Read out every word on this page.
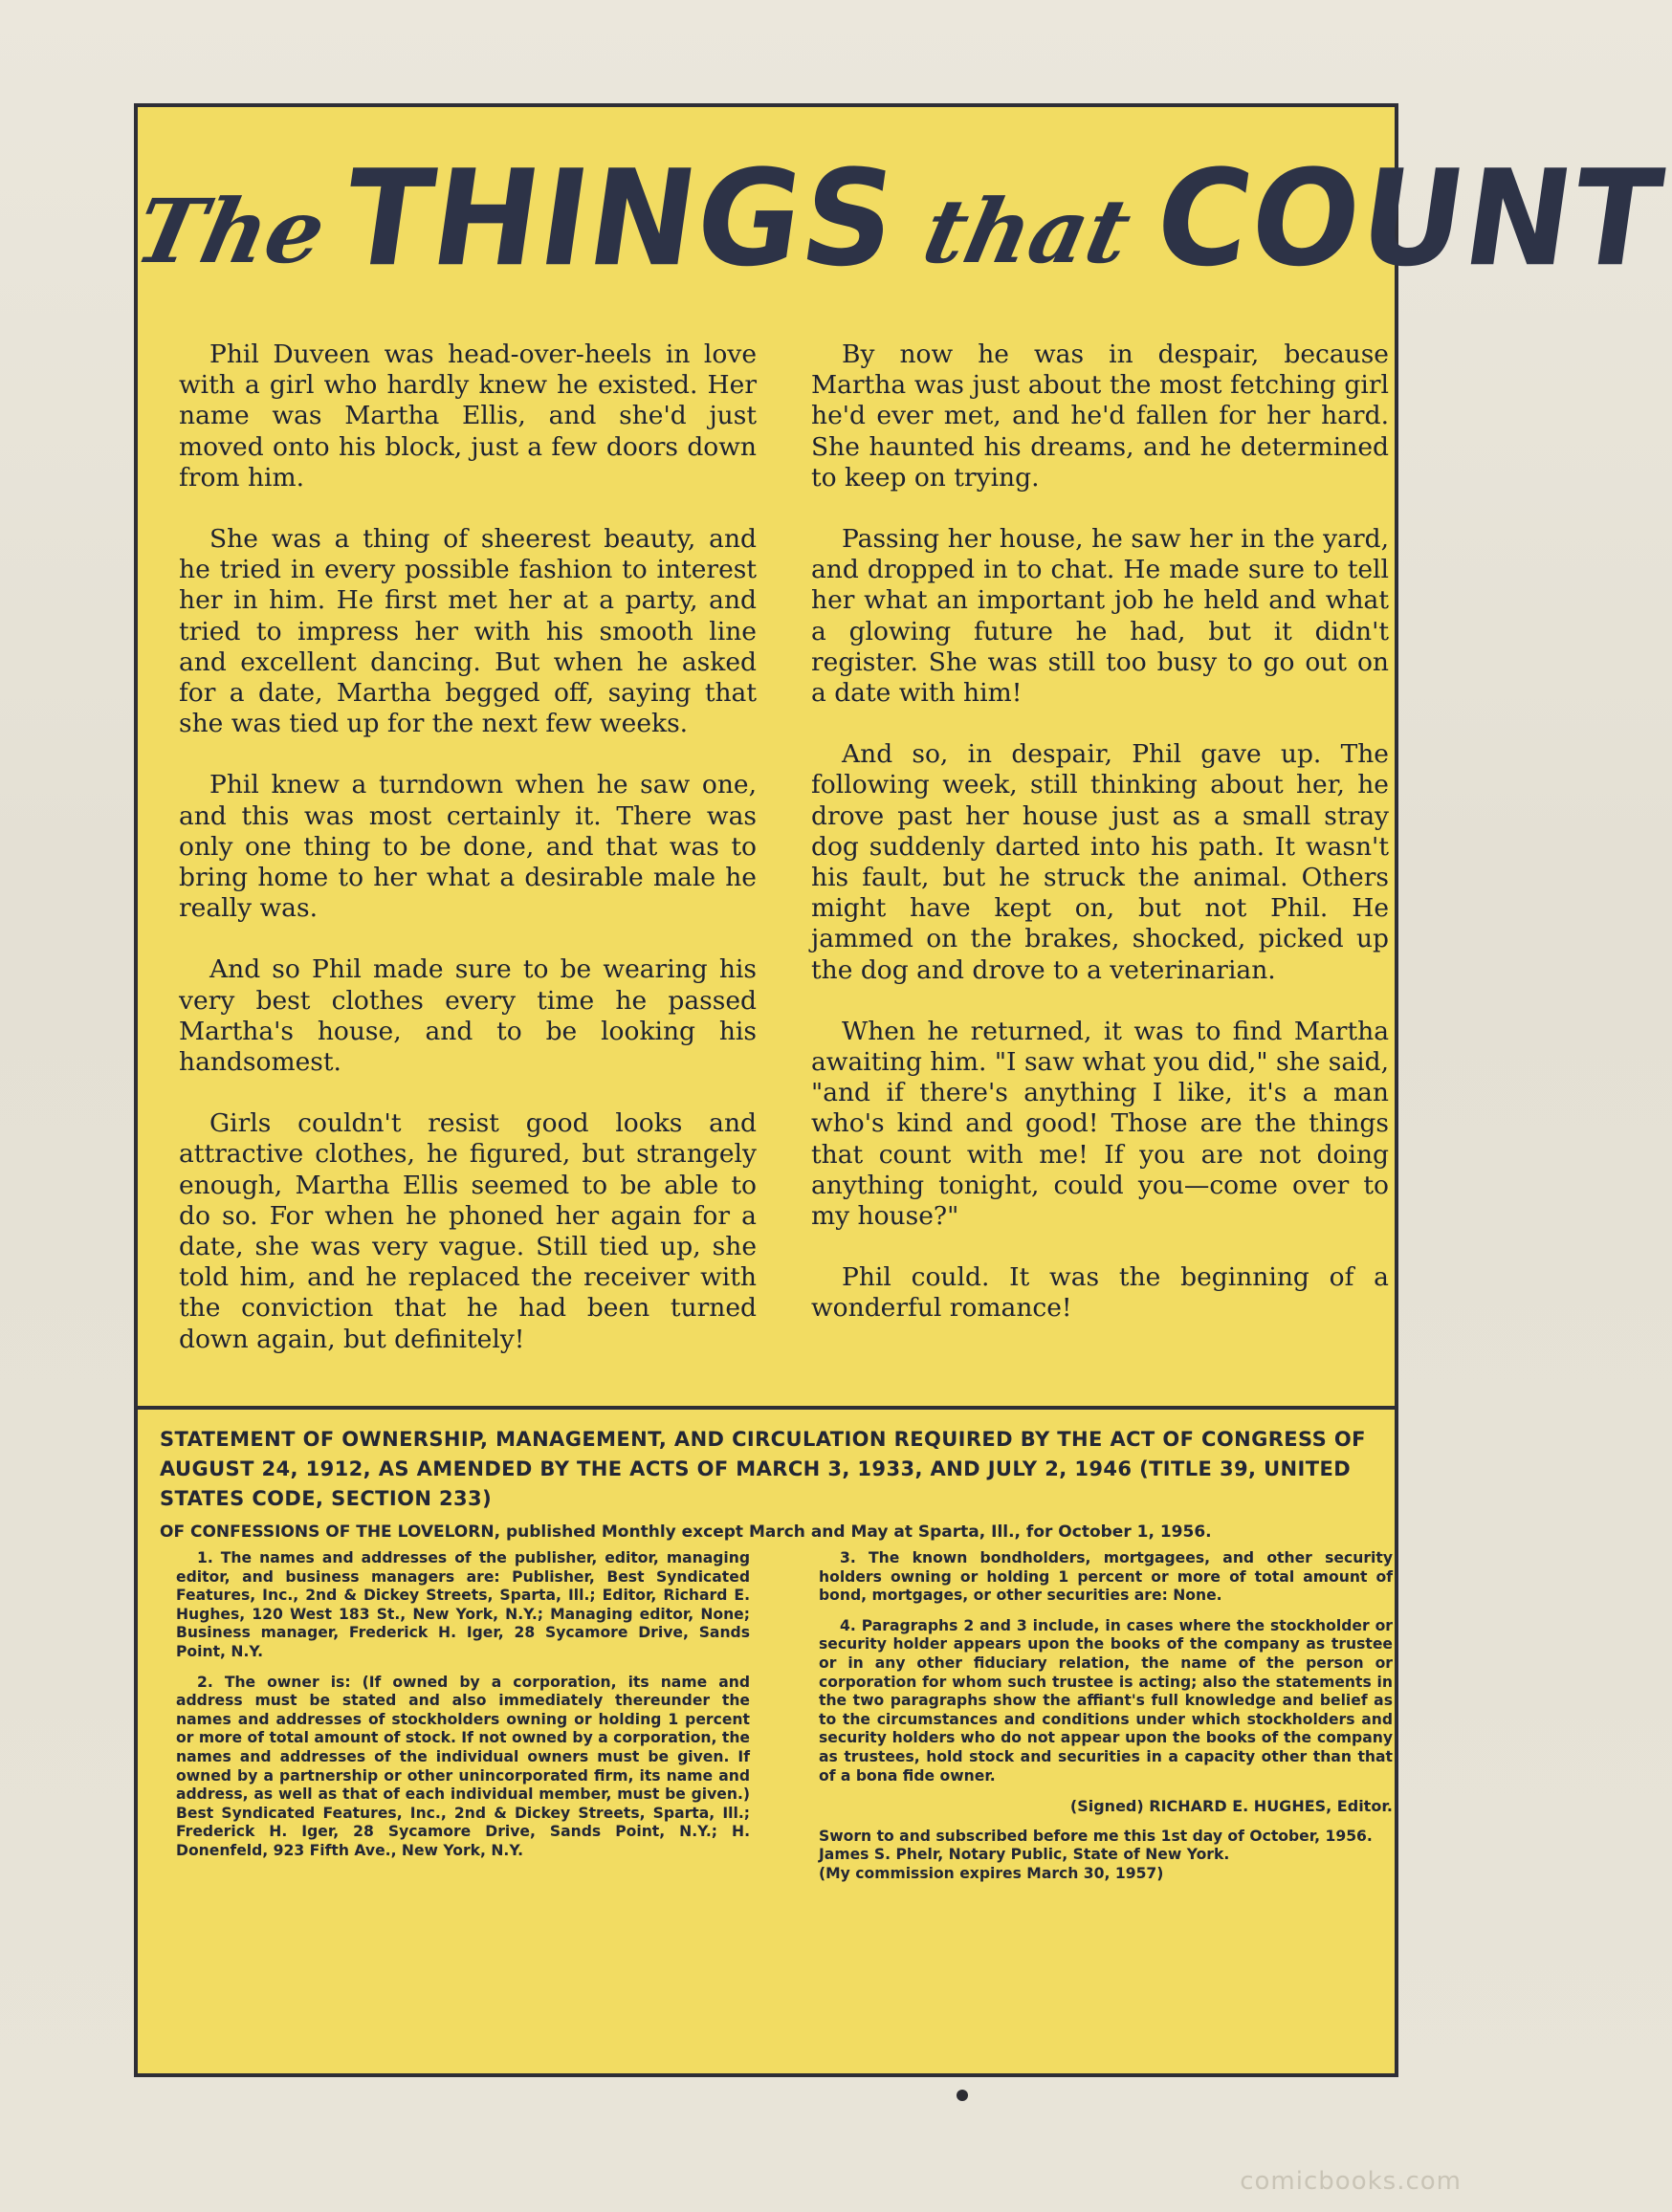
The THINGS that COUNT

Phil Duveen was head-over-heels in love with a girl who hardly knew he existed. Her name was Martha Ellis, and she'd just moved onto his block, just a few doors down from him.

She was a thing of sheerest beauty, and he tried in every possible fashion to interest her in him. He first met her at a party, and tried to impress her with his smooth line and excellent dancing. But when he asked for a date, Martha begged off, saying that she was tied up for the next few weeks.

Phil knew a turndown when he saw one, and this was most certainly it. There was only one thing to be done, and that was to bring home to her what a desirable male he really was.

And so Phil made sure to be wearing his very best clothes every time he passed Martha's house, and to be looking his handsomest.

Girls couldn't resist good looks and attractive clothes, he figured, but strangely enough, Martha Ellis seemed to be able to do so. For when he phoned her again for a date, she was very vague. Still tied up, she told him, and he replaced the receiver with the conviction that he had been turned down again, but definitely!

By now he was in despair, because Martha was just about the most fetching girl he'd ever met, and he'd fallen for her hard. She haunted his dreams, and he determined to keep on trying.

Passing her house, he saw her in the yard, and dropped in to chat. He made sure to tell her what an important job he held and what a glowing future he had, but it didn't register. She was still too busy to go out on a date with him!

And so, in despair, Phil gave up. The following week, still thinking about her, he drove past her house just as a small stray dog suddenly darted into his path. It wasn't his fault, but he struck the animal. Others might have kept on, but not Phil. He jammed on the brakes, shocked, picked up the dog and drove to a veterinarian.

When he returned, it was to find Martha awaiting him. "I saw what you did," she said, "and if there's anything I like, it's a man who's kind and good! Those are the things that count with me! If you are not doing anything tonight, could you—come over to my house?"

Phil could. It was the beginning of a wonderful romance!

STATEMENT OF OWNERSHIP, MANAGEMENT, AND CIRCULATION REQUIRED BY THE ACT OF CONGRESS OF AUGUST 24, 1912, AS AMENDED BY THE ACTS OF MARCH 3, 1933, AND JULY 2, 1946 (TITLE 39, UNITED STATES CODE, SECTION 233)
OF CONFESSIONS OF THE LOVELORN, published Monthly except March and May at Sparta, Ill., for October 1, 1956.

1. The names and addresses of the publisher, editor, managing editor, and business managers are: Publisher, Best Syndicated Features, Inc., 2nd & Dickey Streets, Sparta, Ill.; Editor, Richard E. Hughes, 120 West 183 St., New York, N.Y.; Managing editor, None; Business manager, Frederick H. Iger, 28 Sycamore Drive, Sands Point, N.Y.

2. The owner is: (If owned by a corporation, its name and address must be stated and also immediately thereunder the names and addresses of stockholders owning or holding 1 percent or more of total amount of stock. If not owned by a corporation, the names and addresses of the individual owners must be given. If owned by a partnership or other unincorporated firm, its name and address, as well as that of each individual member, must be given.) Best Syndicated Features, Inc., 2nd & Dickey Streets, Sparta, Ill.; Frederick H. Iger, 28 Sycamore Drive, Sands Point, N.Y.; H. Donenfeld, 923 Fifth Ave., New York, N.Y.

3. The known bondholders, mortgagees, and other security holders owning or holding 1 percent or more of total amount of bond, mortgages, or other securities are: None.

4. Paragraphs 2 and 3 include, in cases where the stockholder or security holder appears upon the books of the company as trustee or in any other fiduciary relation, the name of the person or corporation for whom such trustee is acting; also the statements in the two paragraphs show the affiant's full knowledge and belief as to the circumstances and conditions under which stockholders and security holders who do not appear upon the books of the company as trustees, hold stock and securities in a capacity other than that of a bona fide owner.

(Signed) RICHARD E. HUGHES, Editor.

Sworn to and subscribed before me this 1st day of October, 1956.

James S. Phelr, Notary Public, State of New York.

(My commission expires March 30, 1957)

comicbooks.com
